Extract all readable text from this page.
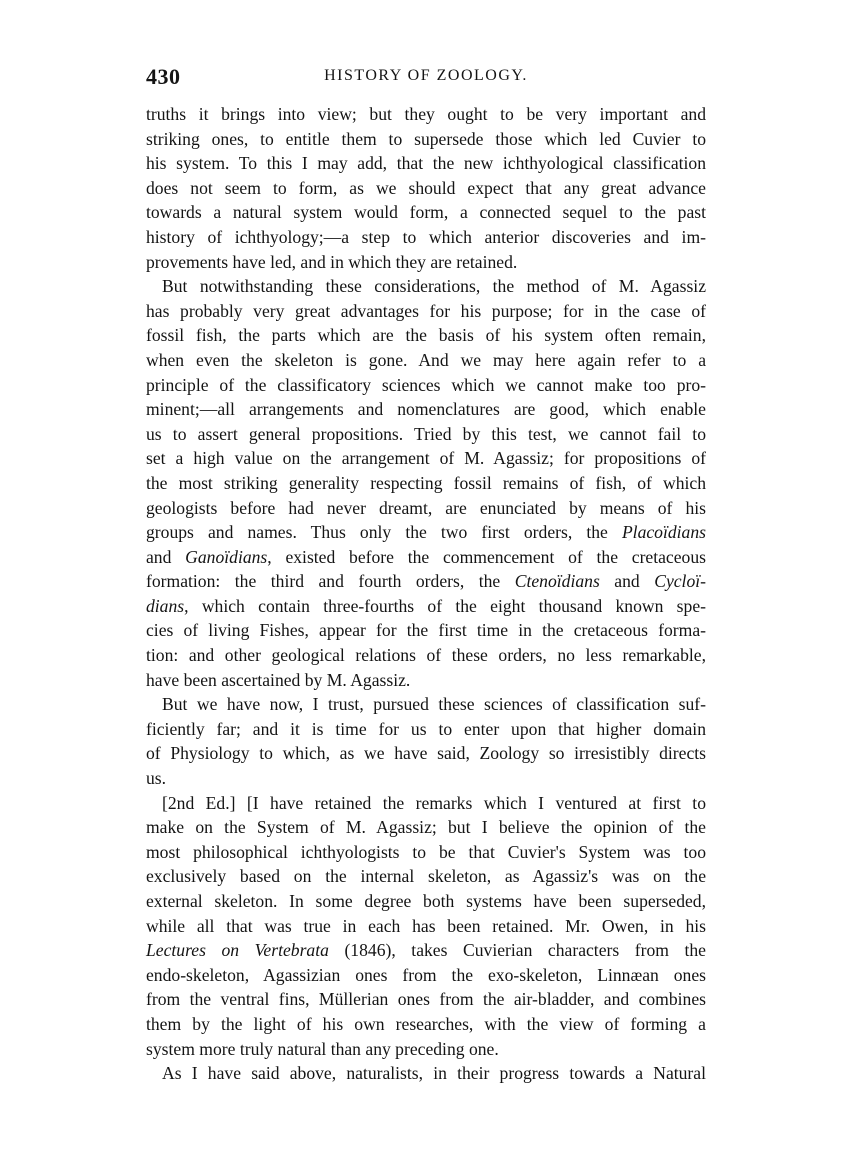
430	HISTORY OF ZOOLOGY.
truths it brings into view; but they ought to be very important and
striking ones, to entitle them to supersede those which led Cuvier to
his system. To this I may add, that the new ichthyological classification
does not seem to form, as we should expect that any great advance
towards a natural system would form, a connected sequel to the past
history of ichthyology;—a step to which anterior discoveries and im-
provements have led, and in which they are retained.
But notwithstanding these considerations, the method of M. Agassiz
has probably very great advantages for his purpose; for in the case of
fossil fish, the parts which are the basis of his system often remain,
when even the skeleton is gone. And we may here again refer to a
principle of the classificatory sciences which we cannot make too pro-
minent;—all arrangements and nomenclatures are good, which enable
us to assert general propositions. Tried by this test, we cannot fail to
set a high value on the arrangement of M. Agassiz; for propositions of
the most striking generality respecting fossil remains of fish, of which
geologists before had never dreamt, are enunciated by means of his
groups and names. Thus only the two first orders, the Placoïdians
and Ganoïdians, existed before the commencement of the cretaceous
formation: the third and fourth orders, the Ctenoïdians and Cycloï-
dians, which contain three-fourths of the eight thousand known spe-
cies of living Fishes, appear for the first time in the cretaceous forma-
tion: and other geological relations of these orders, no less remarkable,
have been ascertained by M. Agassiz.
But we have now, I trust, pursued these sciences of classification suf-
ficiently far; and it is time for us to enter upon that higher domain
of Physiology to which, as we have said, Zoology so irresistibly directs
us.
[2nd Ed.] [I have retained the remarks which I ventured at first to
make on the System of M. Agassiz; but I believe the opinion of the
most philosophical ichthyologists to be that Cuvier's System was too
exclusively based on the internal skeleton, as Agassiz's was on the
external skeleton. In some degree both systems have been superseded,
while all that was true in each has been retained. Mr. Owen, in his
Lectures on Vertebrata (1846), takes Cuvierian characters from the
endo-skeleton, Agassizian ones from the exo-skeleton, Linnæan ones
from the ventral fins, Müllerian ones from the air-bladder, and combines
them by the light of his own researches, with the view of forming a
system more truly natural than any preceding one.
As I have said above, naturalists, in their progress towards a Natural
